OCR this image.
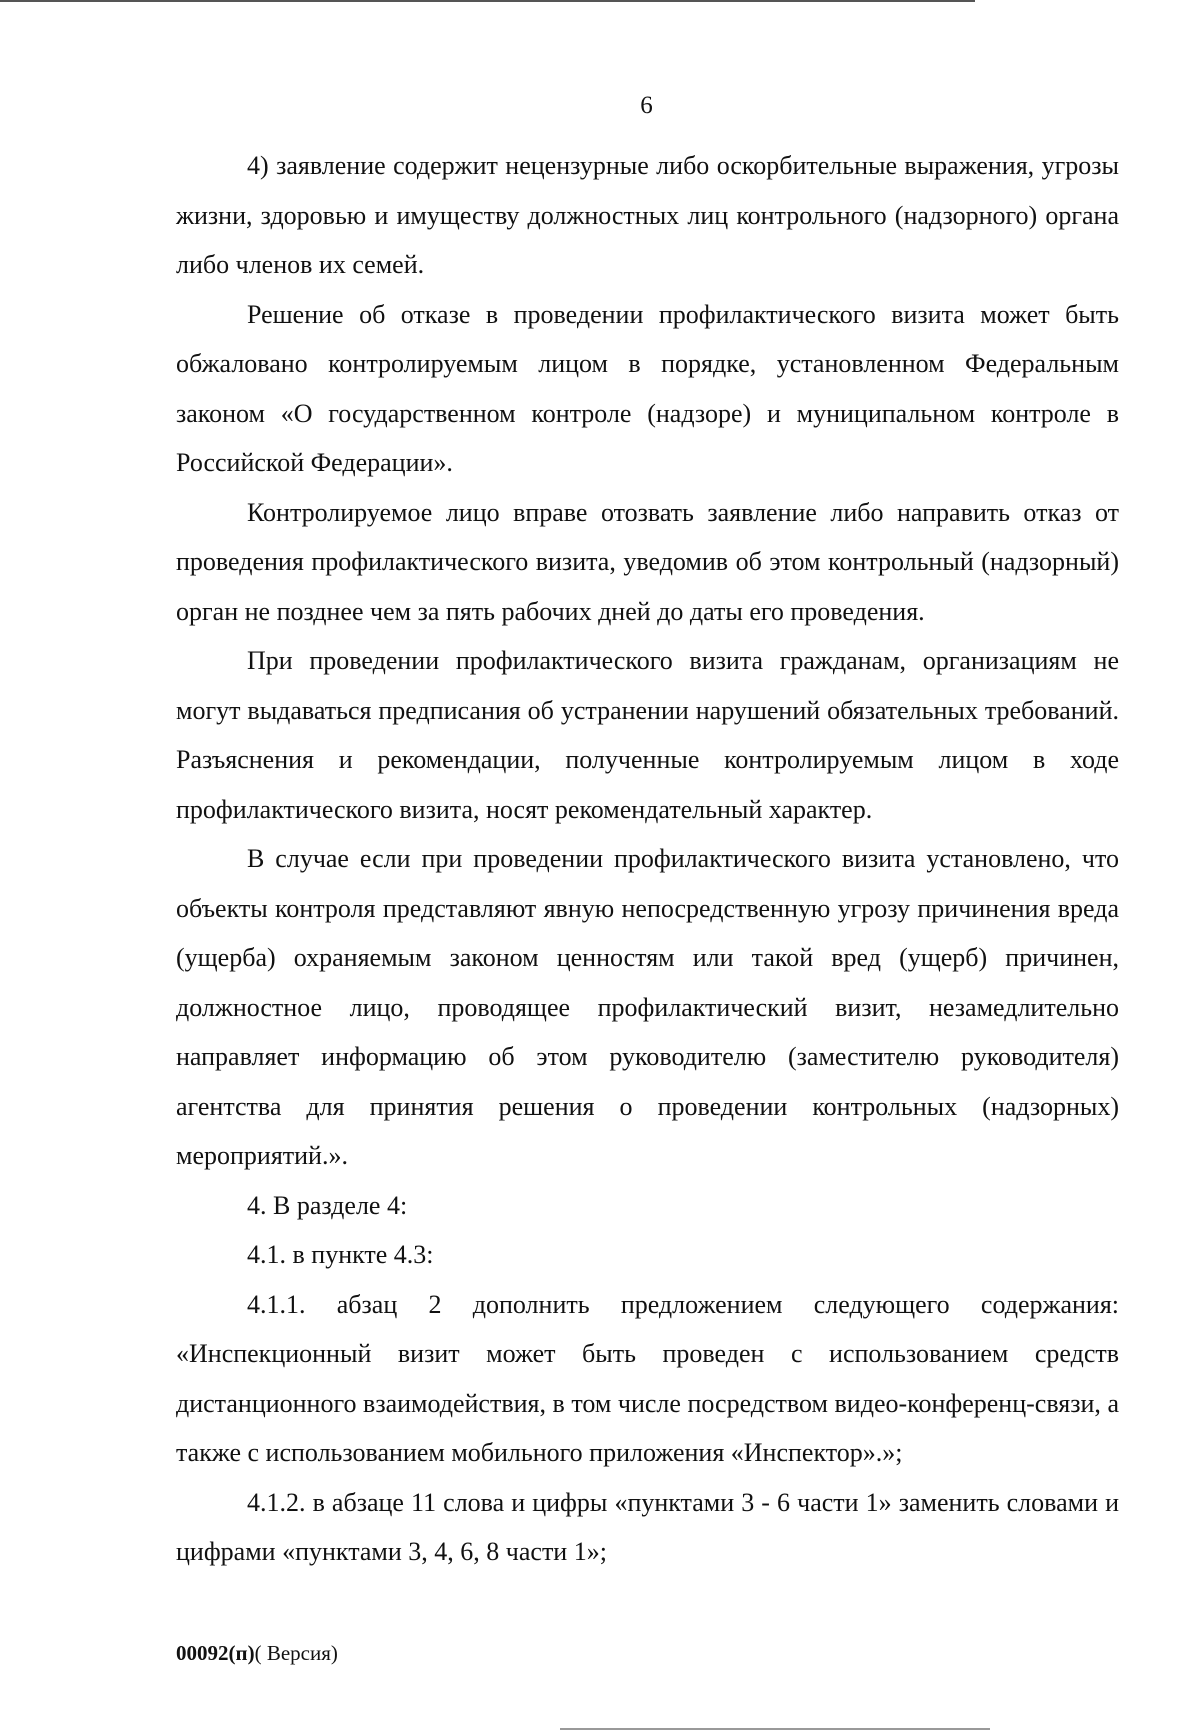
6

4) заявление содержит нецензурные либо оскорбительные выражения, угрозы жизни, здоровью и имуществу должностных лиц контрольного (надзорного) органа либо членов их семей.

Решение об отказе в проведении профилактического визита может быть обжаловано контролируемым лицом в порядке, установленном Федеральным законом «О государственном контроле (надзоре) и муниципальном контроле в Российской Федерации».

Контролируемое лицо вправе отозвать заявление либо направить отказ от проведения профилактического визита, уведомив об этом контрольный (надзорный) орган не позднее чем за пять рабочих дней до даты его проведения.

При проведении профилактического визита гражданам, организациям не могут выдаваться предписания об устранении нарушений обязательных требований. Разъяснения и рекомендации, полученные контролируемым лицом в ходе профилактического визита, носят рекомендательный характер.

В случае если при проведении профилактического визита установлено, что объекты контроля представляют явную непосредственную угрозу причинения вреда (ущерба) охраняемым законом ценностям или такой вред (ущерб) причинен, должностное лицо, проводящее профилактический визит, незамедлительно направляет информацию об этом руководителю (заместителю руководителя) агентства для принятия решения о проведении контрольных (надзорных) мероприятий.».

4. В разделе 4:

4.1. в пункте 4.3:

4.1.1. абзац 2 дополнить предложением следующего содержания: «Инспекционный визит может быть проведен с использованием средств дистанционного взаимодействия, в том числе посредством видео-конференц-связи, а также с использованием мобильного приложения «Инспектор».»;

4.1.2. в абзаце 11 слова и цифры «пунктами 3 - 6 части 1» заменить словами и цифрами «пунктами 3, 4, 6, 8 части 1»;

00092(п)( Версия)
